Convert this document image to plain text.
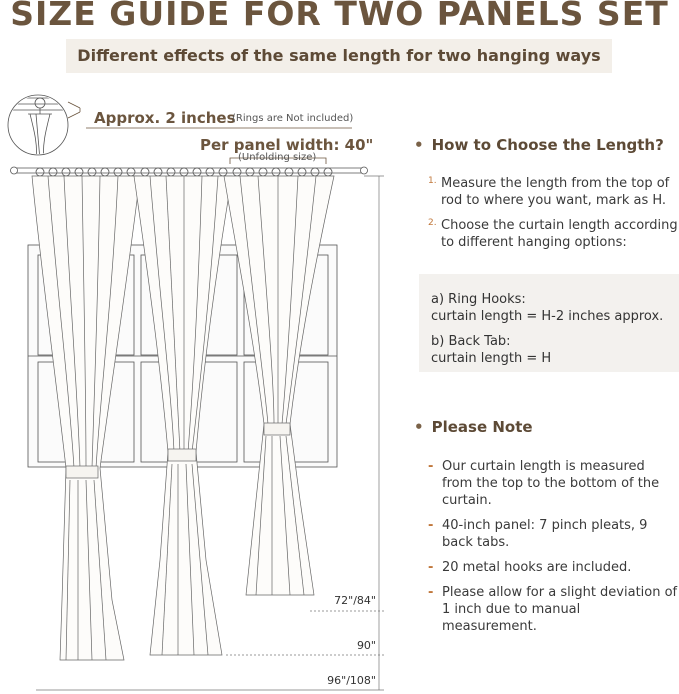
SIZE GUIDE FOR TWO PANELS SET
Different effects of the same length for two hanging ways
Approx. 2 inches
(Rings are Not included)
Per panel width: 40"
(Unfolding size)
72"/84"
90"
96"/108"
• How to Choose the Length?
1. Measure the length from the top of rod to where you want, mark as H.
2. Choose the curtain length according to different hanging options:
a) Ring Hooks:
curtain length = H-2 inches approx.
b) Back Tab:
curtain length = H
• Please Note
- Our curtain length is measured from the top to the bottom of the curtain.
- 40-inch panel: 7 pinch pleats, 9 back tabs.
- 20 metal hooks are included.
- Please allow for a slight deviation of 1 inch due to manual measurement.
